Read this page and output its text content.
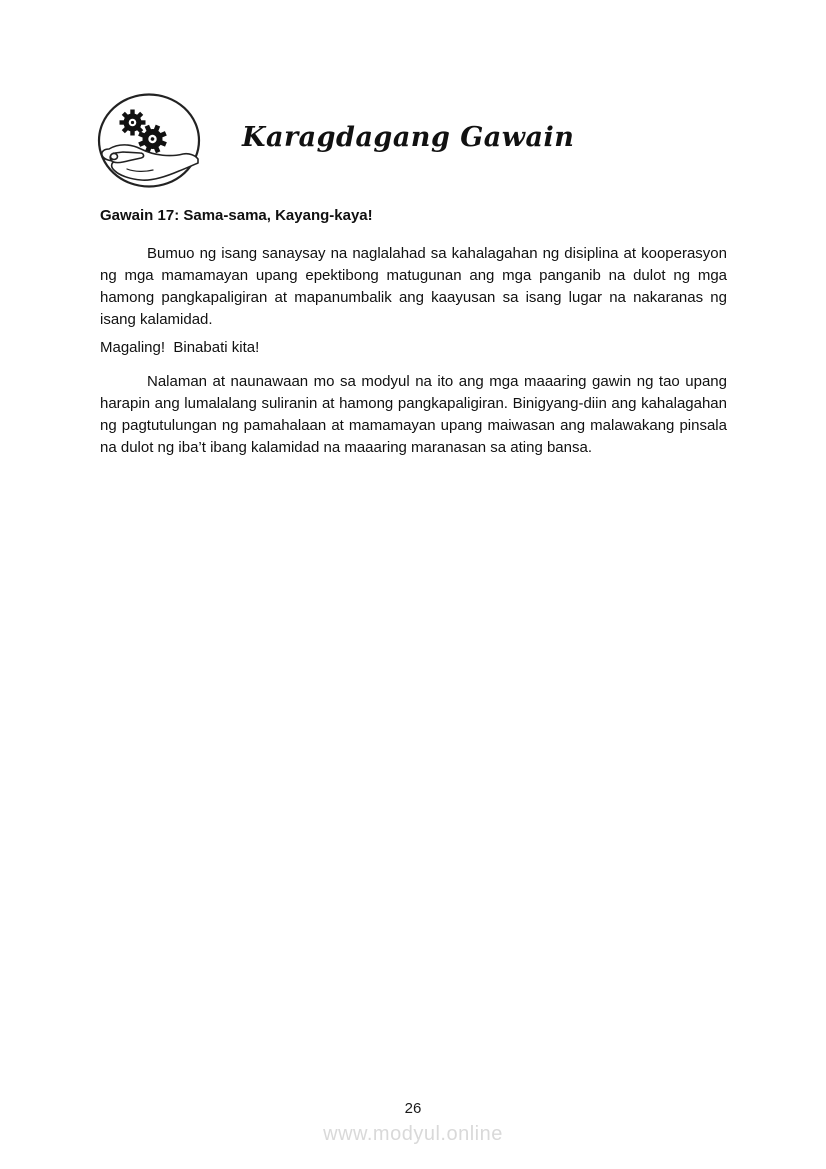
Karagdagang Gawain
Gawain 17: Sama-sama, Kayang-kaya!

Bumuo ng isang sanaysay na naglalahad sa kahalagahan ng disiplina at kooperasyon ng mga mamamayan upang epektibong matugunan ang mga panganib na dulot ng mga hamong pangkapaligiran at mapanumbalik ang kaayusan sa isang lugar na nakaranas ng isang kalamidad.

Magaling!  Binabati kita!

Nalaman at naunawaan mo sa modyul na ito ang mga maaaring gawin ng tao upang harapin ang lumalalang suliranin at hamong pangkapaligiran. Binigyang-diin ang kahalagahan ng pagtutulungan ng pamahalaan at mamamayan upang maiwasan ang malawakang pinsala na dulot ng iba’t ibang kalamidad na maaaring maranasan sa ating bansa.

26
www.modyul.online
